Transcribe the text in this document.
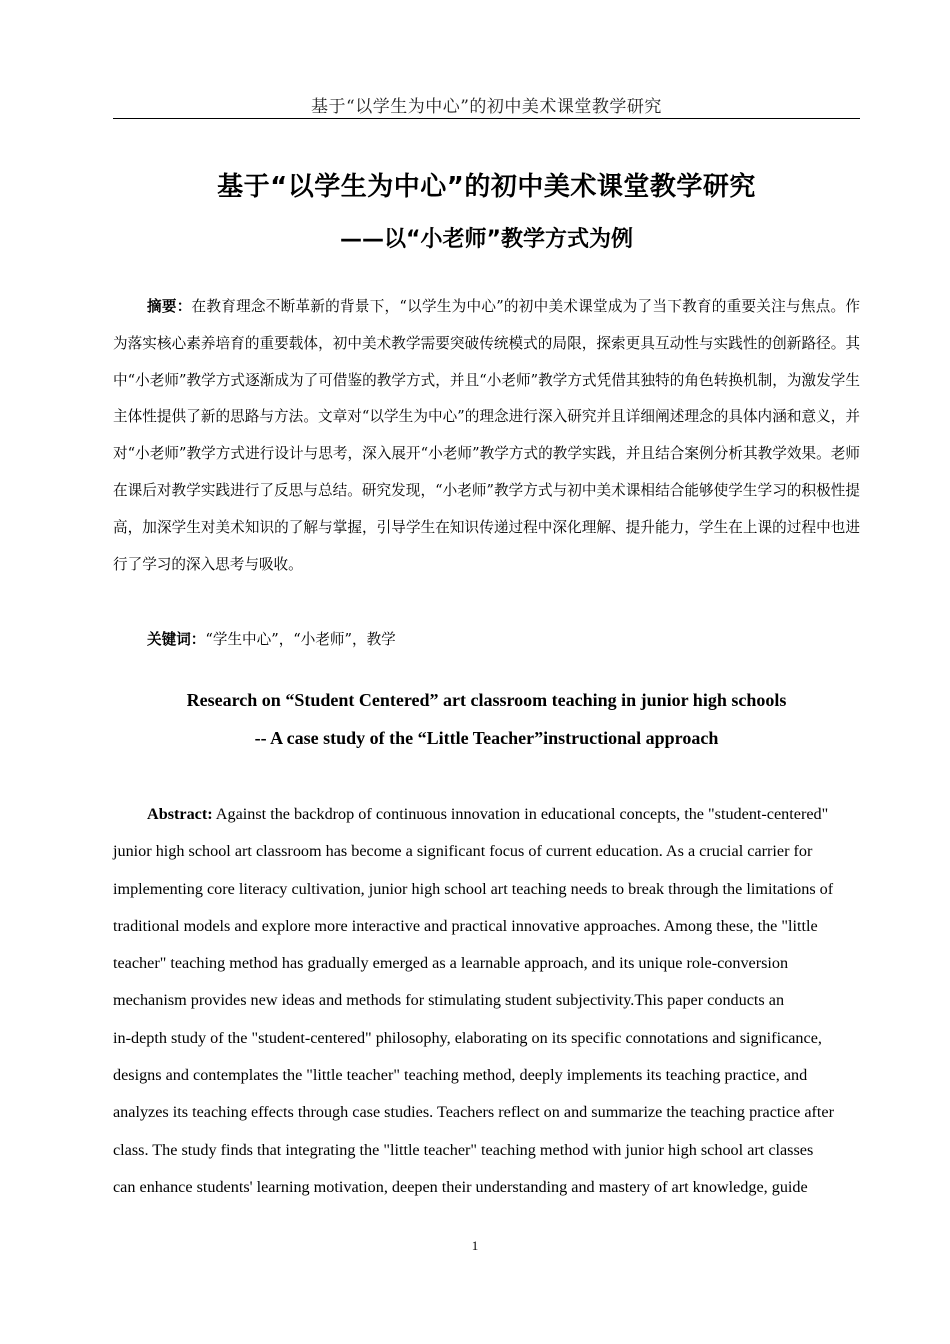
基于“以学生为中心”的初中美术课堂教学研究
基于“以学生为中心”的初中美术课堂教学研究
——以“小老师”教学方式为例

摘要：在教育理念不断革新的背景下，“以学生为中心”的初中美术课堂成为了当下教育的重要关注与焦点。作为落实核心素养培育的重要载体，初中美术教学需要突破传统模式的局限，探索更具互动性与实践性的创新路径。其中“小老师”教学方式逐渐成为了可借鉴的教学方式，并且“小老师”教学方式凭借其独特的角色转换机制，为激发学生主体性提供了新的思路与方法。文章对“以学生为中心”的理念进行深入研究并且详细阐述理念的具体内涵和意义，并对“小老师”教学方式进行设计与思考，深入展开“小老师”教学方式的教学实践，并且结合案例分析其教学效果。老师在课后对教学实践进行了反思与总结。研究发现，“小老师”教学方式与初中美术课相结合能够使学生学习的积极性提高，加深学生对美术知识的了解与掌握，引导学生在知识传递过程中深化理解、提升能力，学生在上课的过程中也进行了学习的深入思考与吸收。

关键词：“学生中心”，“小老师”，教学
Research on “Student Centered” art classroom teaching in junior high schools
-- A case study of the “Little Teacher”instructional approach
Abstract: Against the backdrop of continuous innovation in educational concepts, the "student-centered"
junior high school art classroom has become a significant focus of current education. As a crucial carrier for
implementing core literacy cultivation, junior high school art teaching needs to break through the limitations of
traditional models and explore more interactive and practical innovative approaches. Among these, the "little
teacher" teaching method has gradually emerged as a learnable approach, and its unique role-conversion
mechanism provides new ideas and methods for stimulating student subjectivity.This paper conducts an
in-depth study of the "student-centered" philosophy, elaborating on its specific connotations and significance,
designs and contemplates the "little teacher" teaching method, deeply implements its teaching practice, and
analyzes its teaching effects through case studies. Teachers reflect on and summarize the teaching practice after
class. The study finds that integrating the "little teacher" teaching method with junior high school art classes
can enhance students' learning motivation, deepen their understanding and mastery of art knowledge, guide
1
